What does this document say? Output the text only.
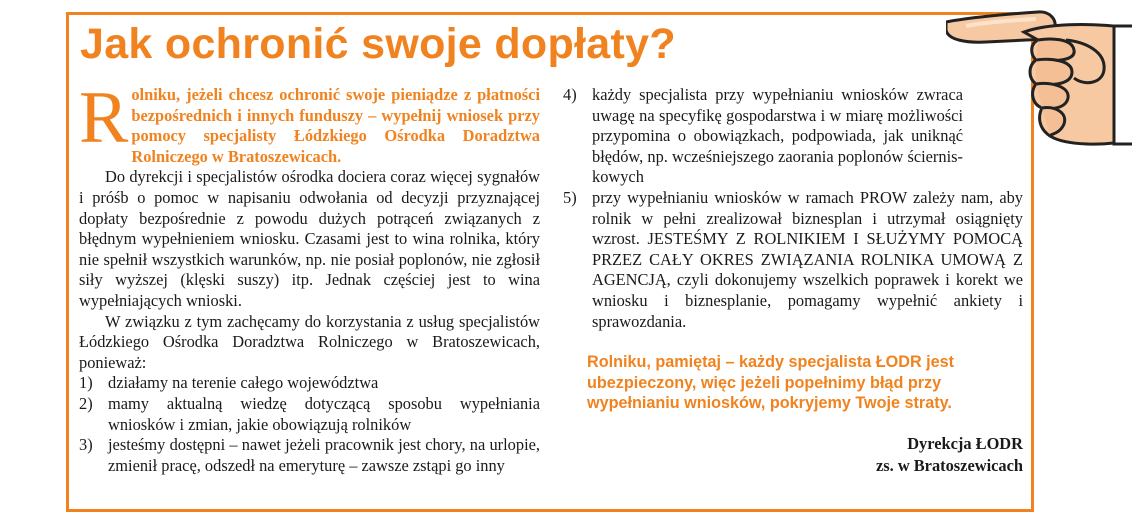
Jak ochronić swoje dopłaty?

Rolniku, jeżeli chcesz ochronić swoje pieniądze z płatności bezpośrednich i innych funduszy – wypełnij wniosek przy pomocy specjalisty Łódzkiego Ośrodka Doradztwa Rolniczego w Bratoszewicach.

Do dyrekcji i specjalistów ośrodka dociera coraz więcej sygnałów i próśb o pomoc w napisaniu odwołania od decyzji przyznającej dopłaty bezpośrednie z powodu dużych potrąceń związanych z błędnym wypełnieniem wniosku. Czasami jest to wina rolnika, który nie spełnił wszystkich warunków, np. nie posiał poplonów, nie zgłosił siły wyższej (klęski suszy) itp. Jednak częściej jest to wina wypełniających wnioski.

W związku z tym zachęcamy do korzystania z usług specjalistów Łódzkiego Ośrodka Doradztwa Rolniczego w Bratoszewicach, ponieważ:

1) działamy na terenie całego województwa
2) mamy aktualną wiedzę dotyczącą sposobu wypełniania wniosków i zmian, jakie obowiązują rolników
3) jesteśmy dostępni – nawet jeżeli pracownik jest chory, na urlopie, zmienił pracę, odszedł na emeryturę – zawsze zstąpi go inny
4) każdy specjalista przy wypełnianiu wniosków zwraca uwagę na specyfikę gospodarstwa i w miarę możliwości przypomina o obowiązkach, podpowiada, jak uniknąć błędów, np. wcześniejszego zaorania poplonów ścierniskowych
5) przy wypełnianiu wniosków w ramach PROW zależy nam, aby rolnik w pełni zrealizował biznesplan i utrzymał osiągnięty wzrost. JESTEŚMY Z ROLNIKIEM I SŁUŻYMY POMOCĄ PRZEZ CAŁY OKRES ZWIĄZANIA ROLNIKA UMOWĄ Z AGENCJĄ, czyli dokonujemy wszelkich poprawek i korekt we wniosku i biznesplanie, pomagamy wypełnić ankiety i sprawozdania.

Rolniku, pamiętaj – każdy specjalista ŁODR jest ubezpieczony, więc jeżeli popełnimy błąd przy wypełnianiu wniosków, pokryjemy Twoje straty.

Dyrekcja ŁODR
zs. w Bratoszewicach
